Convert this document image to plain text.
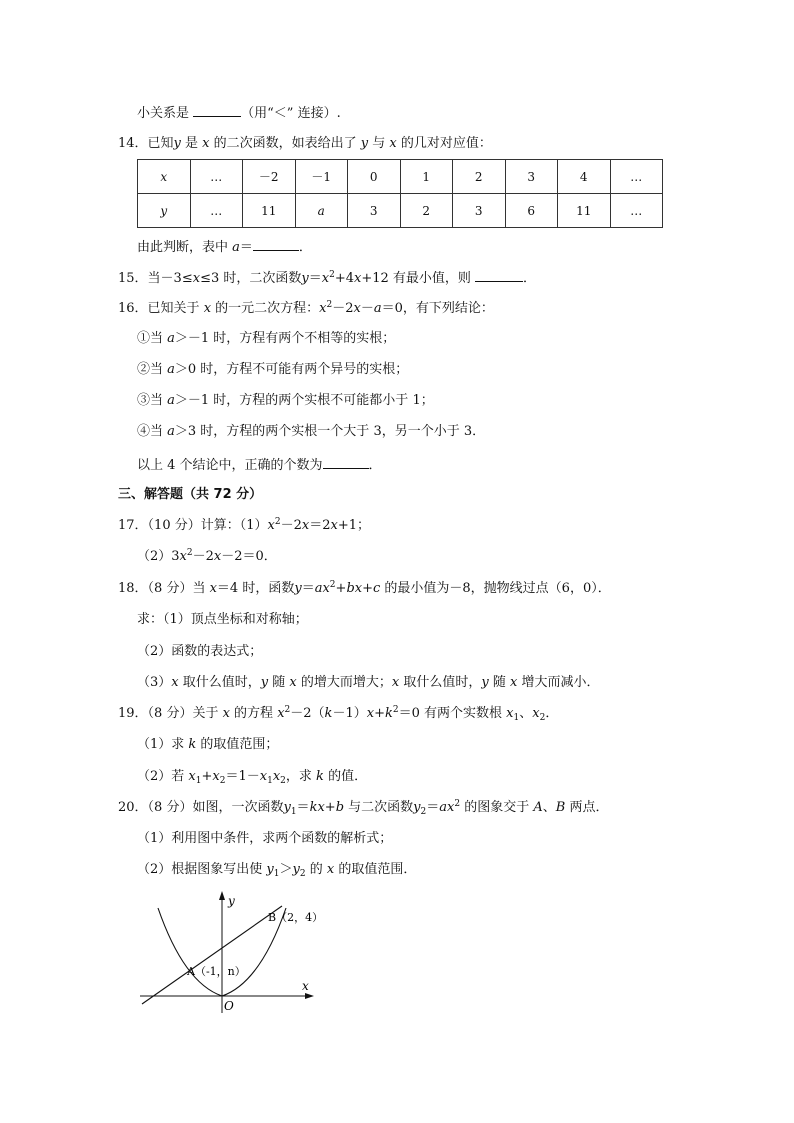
小关系是	（用“＜” 连接）.
14．已知y 是 x 的二次函数，如表给出了 y 与 x 的几对对应值：
x	…	－2	－1	0	1	2	3	4	…
y	…	11	a	3	2	3	6	11	…
由此判断，表中 a＝	．
15．当－3≤x≤3 时，二次函数$y=x^2+4x+12$ 有最小值，则	．
16．已知关于 x 的一元二次方程：$x^2-2x-a=0$，有下列结论：
①当 a＞－1 时，方程有两个不相等的实根；
②当 a＞0 时，方程不可能有两个异号的实根；
③当 a＞－1 时，方程的两个实根不可能都小于 1；
④当 a＞3 时，方程的两个实根一个大于 3，另一个小于 3．
以上 4 个结论中，正确的个数为	．
三、解答题（共 72 分）
17．（10 分）计算：$(1)x^2-2x=2x+1$；
$(2)3x^2-2x-2=0$．
18．（8 分）当 x＝4 时，函数$y=ax^2+bx+c$ 的最小值为－8，抛物线过点（6，0）．
求：（1）顶点坐标和对称轴；
（2）函数的表达式；
（3）x 取什么值时，y 随 x 的增大而增大；x 取什么值时，y 随 x 增大而减小．
19．（8 分）关于 x 的方程 $x^2-2(k-1)x+k^2=0$ 有两个实数根 $x_1$、$x_2$．
（1）求 k 的取值范围；
（2）若 $x_1+x_2=1-x_1x_2$，求 k 的值．
20．（8 分）如图，一次函数$y_1=kx+b$ 与二次函数$y_2=ax^2$ 的图象交于 A、B 两点．
（1）利用图中条件，求两个函数的解析式；
（2）根据图象写出使 $y_1>y_2$ 的 x 的取值范围．
y
x
O
B（2，4）
A（-1，n）
